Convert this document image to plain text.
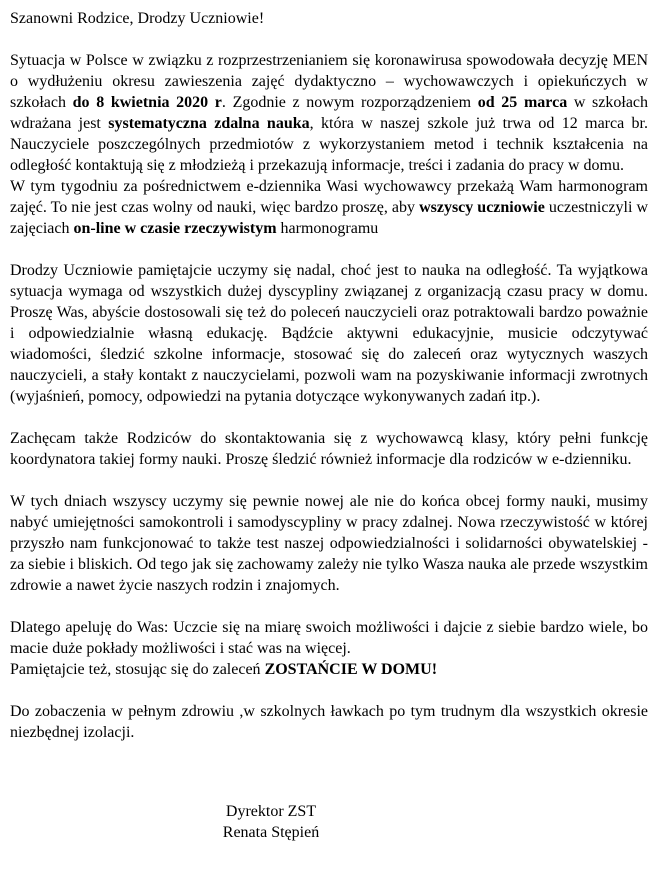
Szanowni Rodzice, Drodzy Uczniowie!

Sytuacja w Polsce w związku z rozprzestrzenianiem się koronawirusa spowodowała decyzję MEN o wydłużeniu okresu zawieszenia zajęć dydaktyczno – wychowawczych i opiekuńczych w szkołach do 8 kwietnia 2020 r. Zgodnie z nowym rozporządzeniem od 25 marca w szkołach wdrażana jest systematyczna zdalna nauka, która w naszej szkole już trwa od 12 marca br. Nauczyciele poszczególnych przedmiotów z wykorzystaniem metod i technik kształcenia na odległość kontaktują się z młodzieżą i przekazują informacje, treści i zadania do pracy w domu.

W tym tygodniu za pośrednictwem e-dziennika Wasi wychowawcy przekażą Wam harmonogram zajęć. To nie jest czas wolny od nauki, więc bardzo proszę, aby wszyscy uczniowie uczestniczyli w zajęciach on-line w czasie rzeczywistym harmonogramu

Drodzy Uczniowie pamiętajcie uczymy się nadal, choć jest to nauka na odległość. Ta wyjątkowa sytuacja wymaga od wszystkich dużej dyscypliny związanej z organizacją czasu pracy w domu. Proszę Was, abyście dostosowali się też do poleceń nauczycieli oraz potraktowali bardzo poważnie i odpowiedzialnie własną edukację. Bądźcie aktywni edukacyjnie, musicie odczytywać wiadomości, śledzić szkolne informacje, stosować się do zaleceń oraz wytycznych waszych nauczycieli, a stały kontakt z nauczycielami, pozwoli wam na pozyskiwanie informacji zwrotnych (wyjaśnień, pomocy, odpowiedzi na pytania dotyczące wykonywanych zadań itp.).

Zachęcam także Rodziców do skontaktowania się z wychowawcą klasy, który pełni funkcję koordynatora takiej formy nauki. Proszę śledzić również informacje dla rodziców w e-dzienniku.

W tych dniach wszyscy uczymy się pewnie nowej ale nie do końca obcej formy nauki, musimy nabyć umiejętności samokontroli i samodyscypliny w pracy zdalnej. Nowa rzeczywistość w której przyszło nam funkcjonować to także test naszej odpowiedzialności i solidarności obywatelskiej - za siebie i bliskich. Od tego jak się zachowamy zależy nie tylko Wasza nauka ale przede wszystkim zdrowie a nawet życie naszych rodzin i znajomych.

Dlatego apeluję do Was: Uczcie się na miarę swoich możliwości i dajcie z siebie bardzo wiele, bo macie duże pokłady możliwości i stać was na więcej.

Pamiętajcie też, stosując się do zaleceń ZOSTAŃCIE W DOMU!

Do zobaczenia w pełnym zdrowiu ,w szkolnych ławkach po tym trudnym dla wszystkich okresie niezbędnej izolacji.

Dyrektor ZST

Renata Stępień
